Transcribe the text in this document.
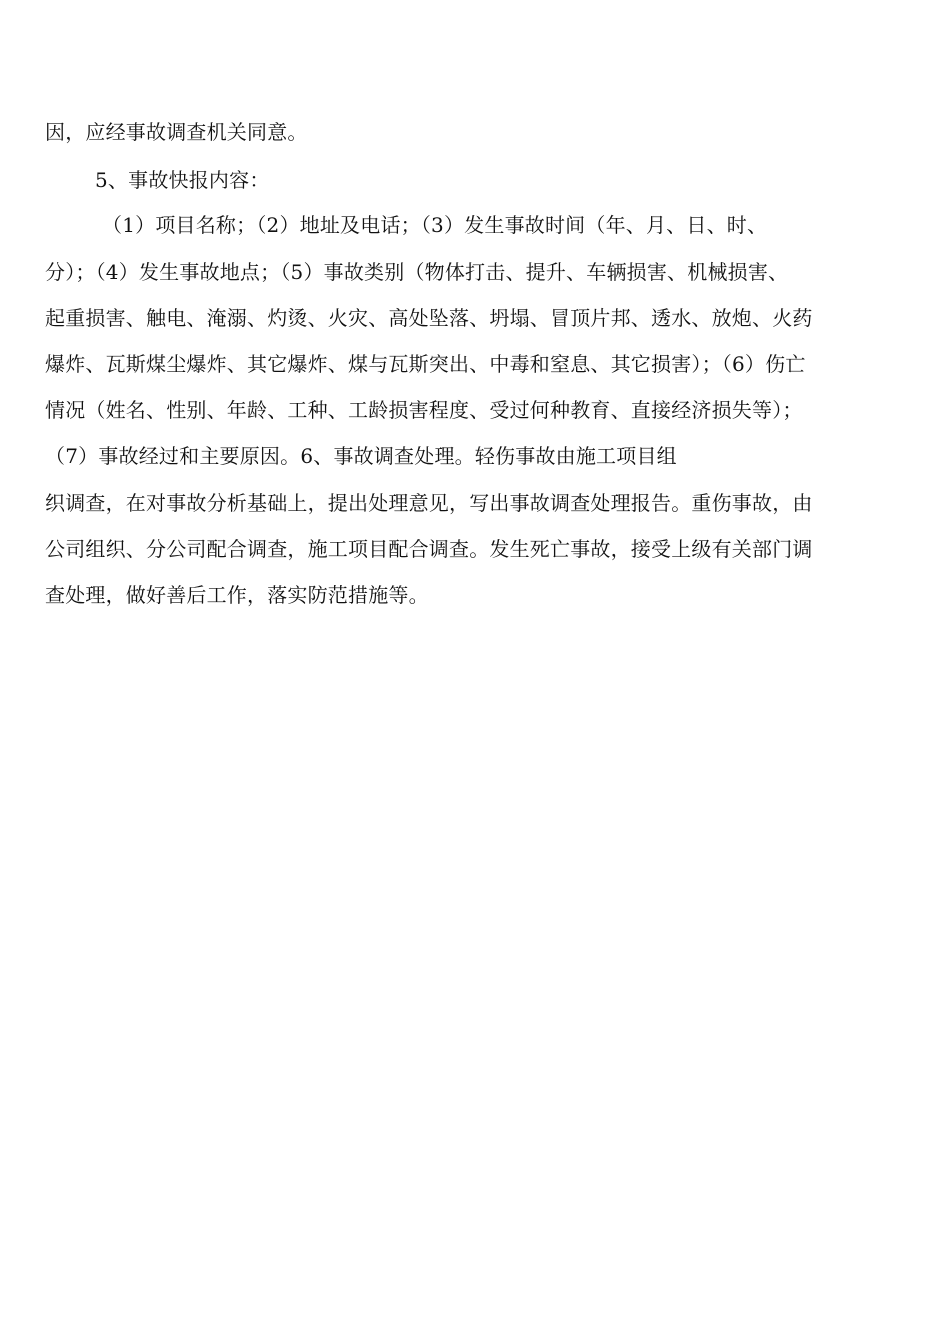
因，应经事故调查机关同意。
5、事故快报内容：
（1）项目名称；（2）地址及电话；（3）发生事故时间（年、月、日、时、
分）；（4）发生事故地点；（5）事故类别（物体打击、提升、车辆损害、机械损害、
起重损害、触电、淹溺、灼烫、火灾、高处坠落、坍塌、冒顶片邦、透水、放炮、火药
爆炸、瓦斯煤尘爆炸、其它爆炸、煤与瓦斯突出、中毒和窒息、其它损害）；（6）伤亡
情况（姓名、性别、年龄、工种、工龄损害程度、受过何种教育、直接经济损失等）；
（7）事故经过和主要原因。6、事故调查处理。轻伤事故由施工项目组
织调查，在对事故分析基础上，提出处理意见，写出事故调查处理报告。重伤事故，由
公司组织、分公司配合调查，施工项目配合调查。发生死亡事故，接受上级有关部门调
查处理，做好善后工作，落实防范措施等。
